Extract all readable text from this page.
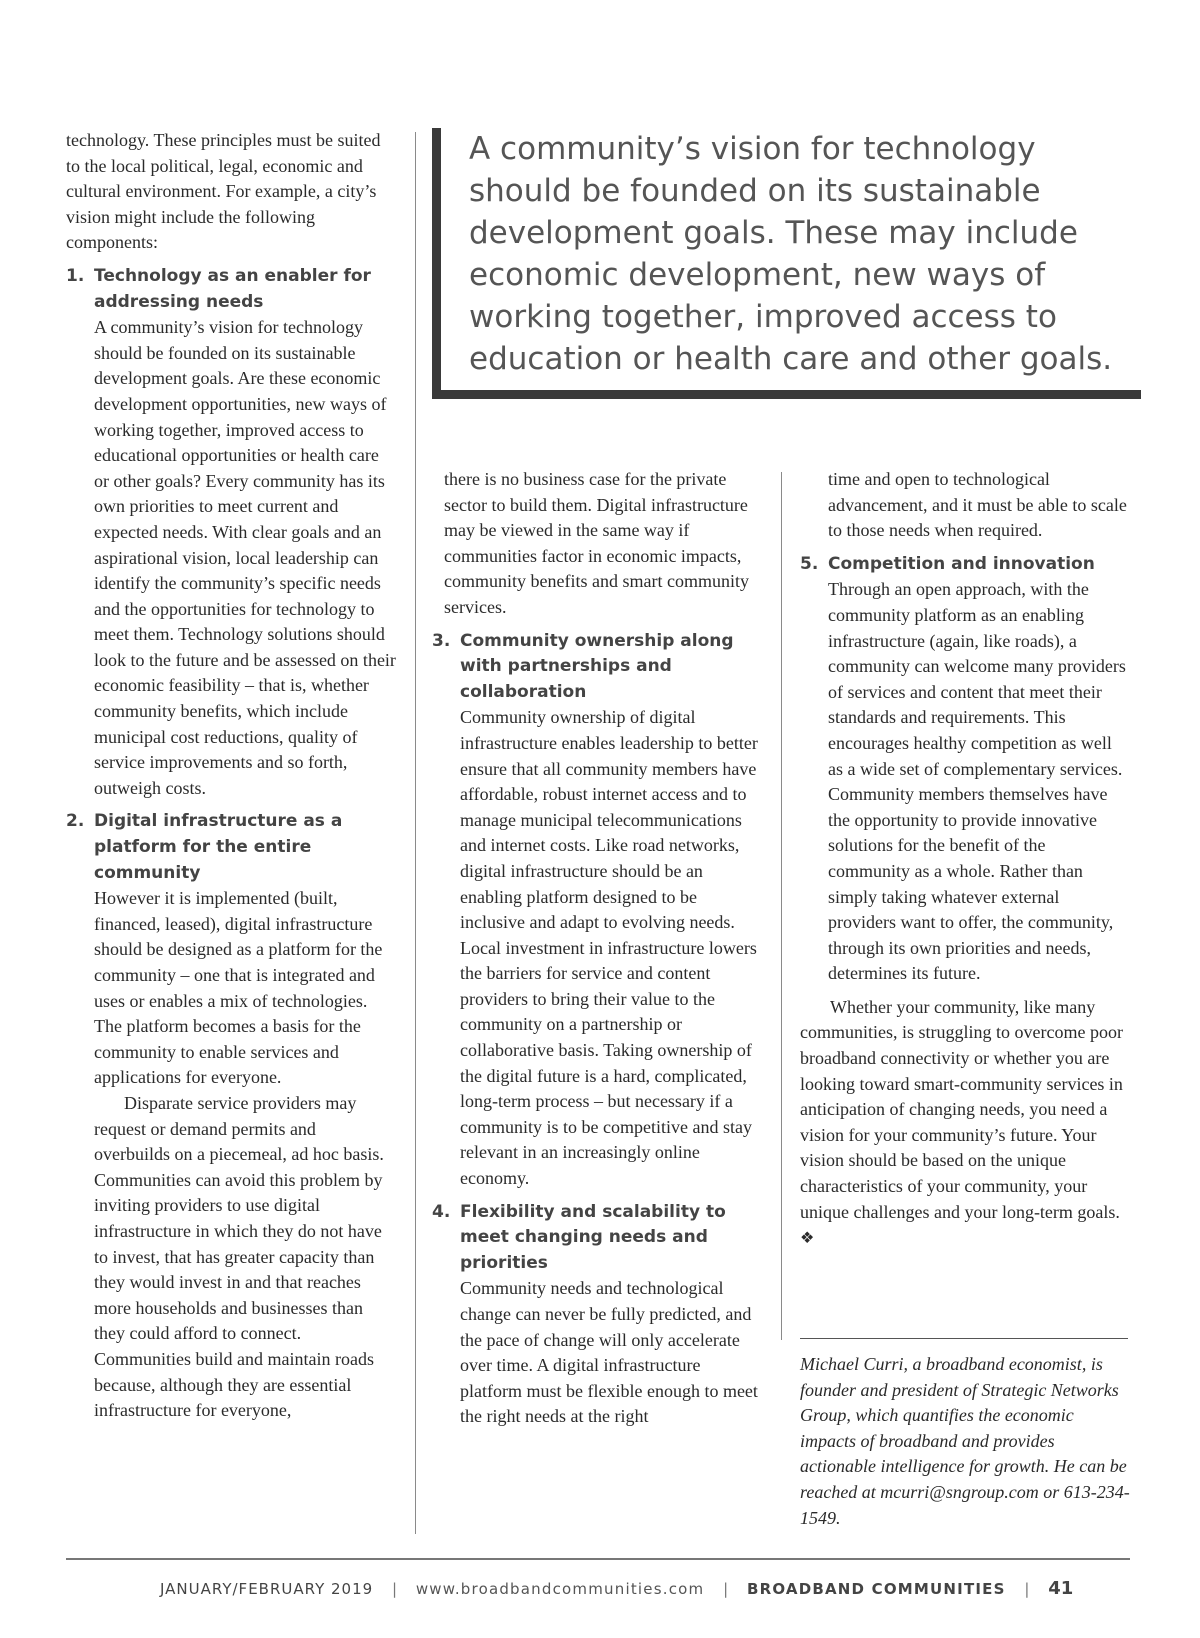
technology. These principles must be suited to the local political, legal, economic and cultural environment. For example, a city’s vision might include the following components:

1. Technology as an enabler for addressing needs

A community’s vision for technology should be founded on its sustainable development goals. Are these economic development opportunities, new ways of working together, improved access to educational opportunities or health care or other goals? Every community has its own priorities to meet current and expected needs. With clear goals and an aspirational vision, local leadership can identify the community’s specific needs and the opportunities for technology to meet them. Technology solutions should look to the future and be assessed on their economic feasibility – that is, whether community benefits, which include municipal cost reductions, quality of service improvements and so forth, outweigh costs.

2. Digital infrastructure as a platform for the entire community

However it is implemented (built, financed, leased), digital infrastructure should be designed as a platform for the community – one that is integrated and uses or enables a mix of technologies. The platform becomes a basis for the community to enable services and applications for everyone.

Disparate service providers may request or demand permits and overbuilds on a piecemeal, ad hoc basis. Communities can avoid this problem by inviting providers to use digital infrastructure in which they do not have to invest, that has greater capacity than they would invest in and that reaches more households and businesses than they could afford to connect. Communities build and maintain roads because, although they are essential infrastructure for everyone,

A community’s vision for technology should be founded on its sustainable development goals. These may include economic development, new ways of working together, improved access to education or health care and other goals.

there is no business case for the private sector to build them. Digital infrastructure may be viewed in the same way if communities factor in economic impacts, community benefits and smart community services.

3. Community ownership along with partnerships and collaboration

Community ownership of digital infrastructure enables leadership to better ensure that all community members have affordable, robust internet access and to manage municipal telecommunications and internet costs. Like road networks, digital infrastructure should be an enabling platform designed to be inclusive and adapt to evolving needs. Local investment in infrastructure lowers the barriers for service and content providers to bring their value to the community on a partnership or collaborative basis. Taking ownership of the digital future is a hard, complicated, long-term process – but necessary if a community is to be competitive and stay relevant in an increasingly online economy.

4. Flexibility and scalability to meet changing needs and priorities

Community needs and technological change can never be fully predicted, and the pace of change will only accelerate over time. A digital infrastructure platform must be flexible enough to meet the right needs at the right

time and open to technological advancement, and it must be able to scale to those needs when required.

5. Competition and innovation

Through an open approach, with the community platform as an enabling infrastructure (again, like roads), a community can welcome many providers of services and content that meet their standards and requirements. This encourages healthy competition as well as a wide set of complementary services. Community members themselves have the opportunity to provide innovative solutions for the benefit of the community as a whole. Rather than simply taking whatever external providers want to offer, the community, through its own priorities and needs, determines its future.

Whether your community, like many communities, is struggling to overcome poor broadband connectivity or whether you are looking toward smart-community services in anticipation of changing needs, you need a vision for your community’s future. Your vision should be based on the unique characteristics of your community, your unique challenges and your long-term goals. ❖

Michael Curri, a broadband economist, is founder and president of Strategic Networks Group, which quantifies the economic impacts of broadband and provides actionable intelligence for growth. He can be reached at mcurri@sngroup.com or 613-234-1549.

JANUARY/FEBRUARY 2019 | www.broadbandcommunities.com | BROADBAND COMMUNITIES | 41
